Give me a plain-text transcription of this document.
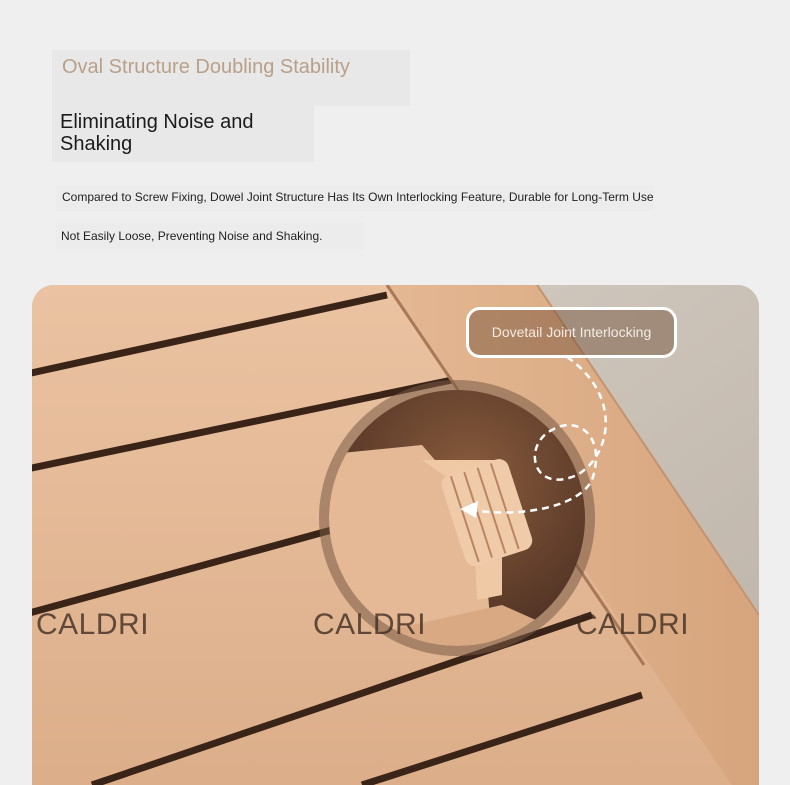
Oval Structure Doubling Stability
Eliminating Noise and Shaking
Compared to Screw Fixing, Dowel Joint Structure Has Its Own Interlocking Feature, Durable for Long-Term Use
Not Easily Loose, Preventing Noise and Shaking.
Dovetail Joint Interlocking
CALDRI	CALDRI	CALDRI
